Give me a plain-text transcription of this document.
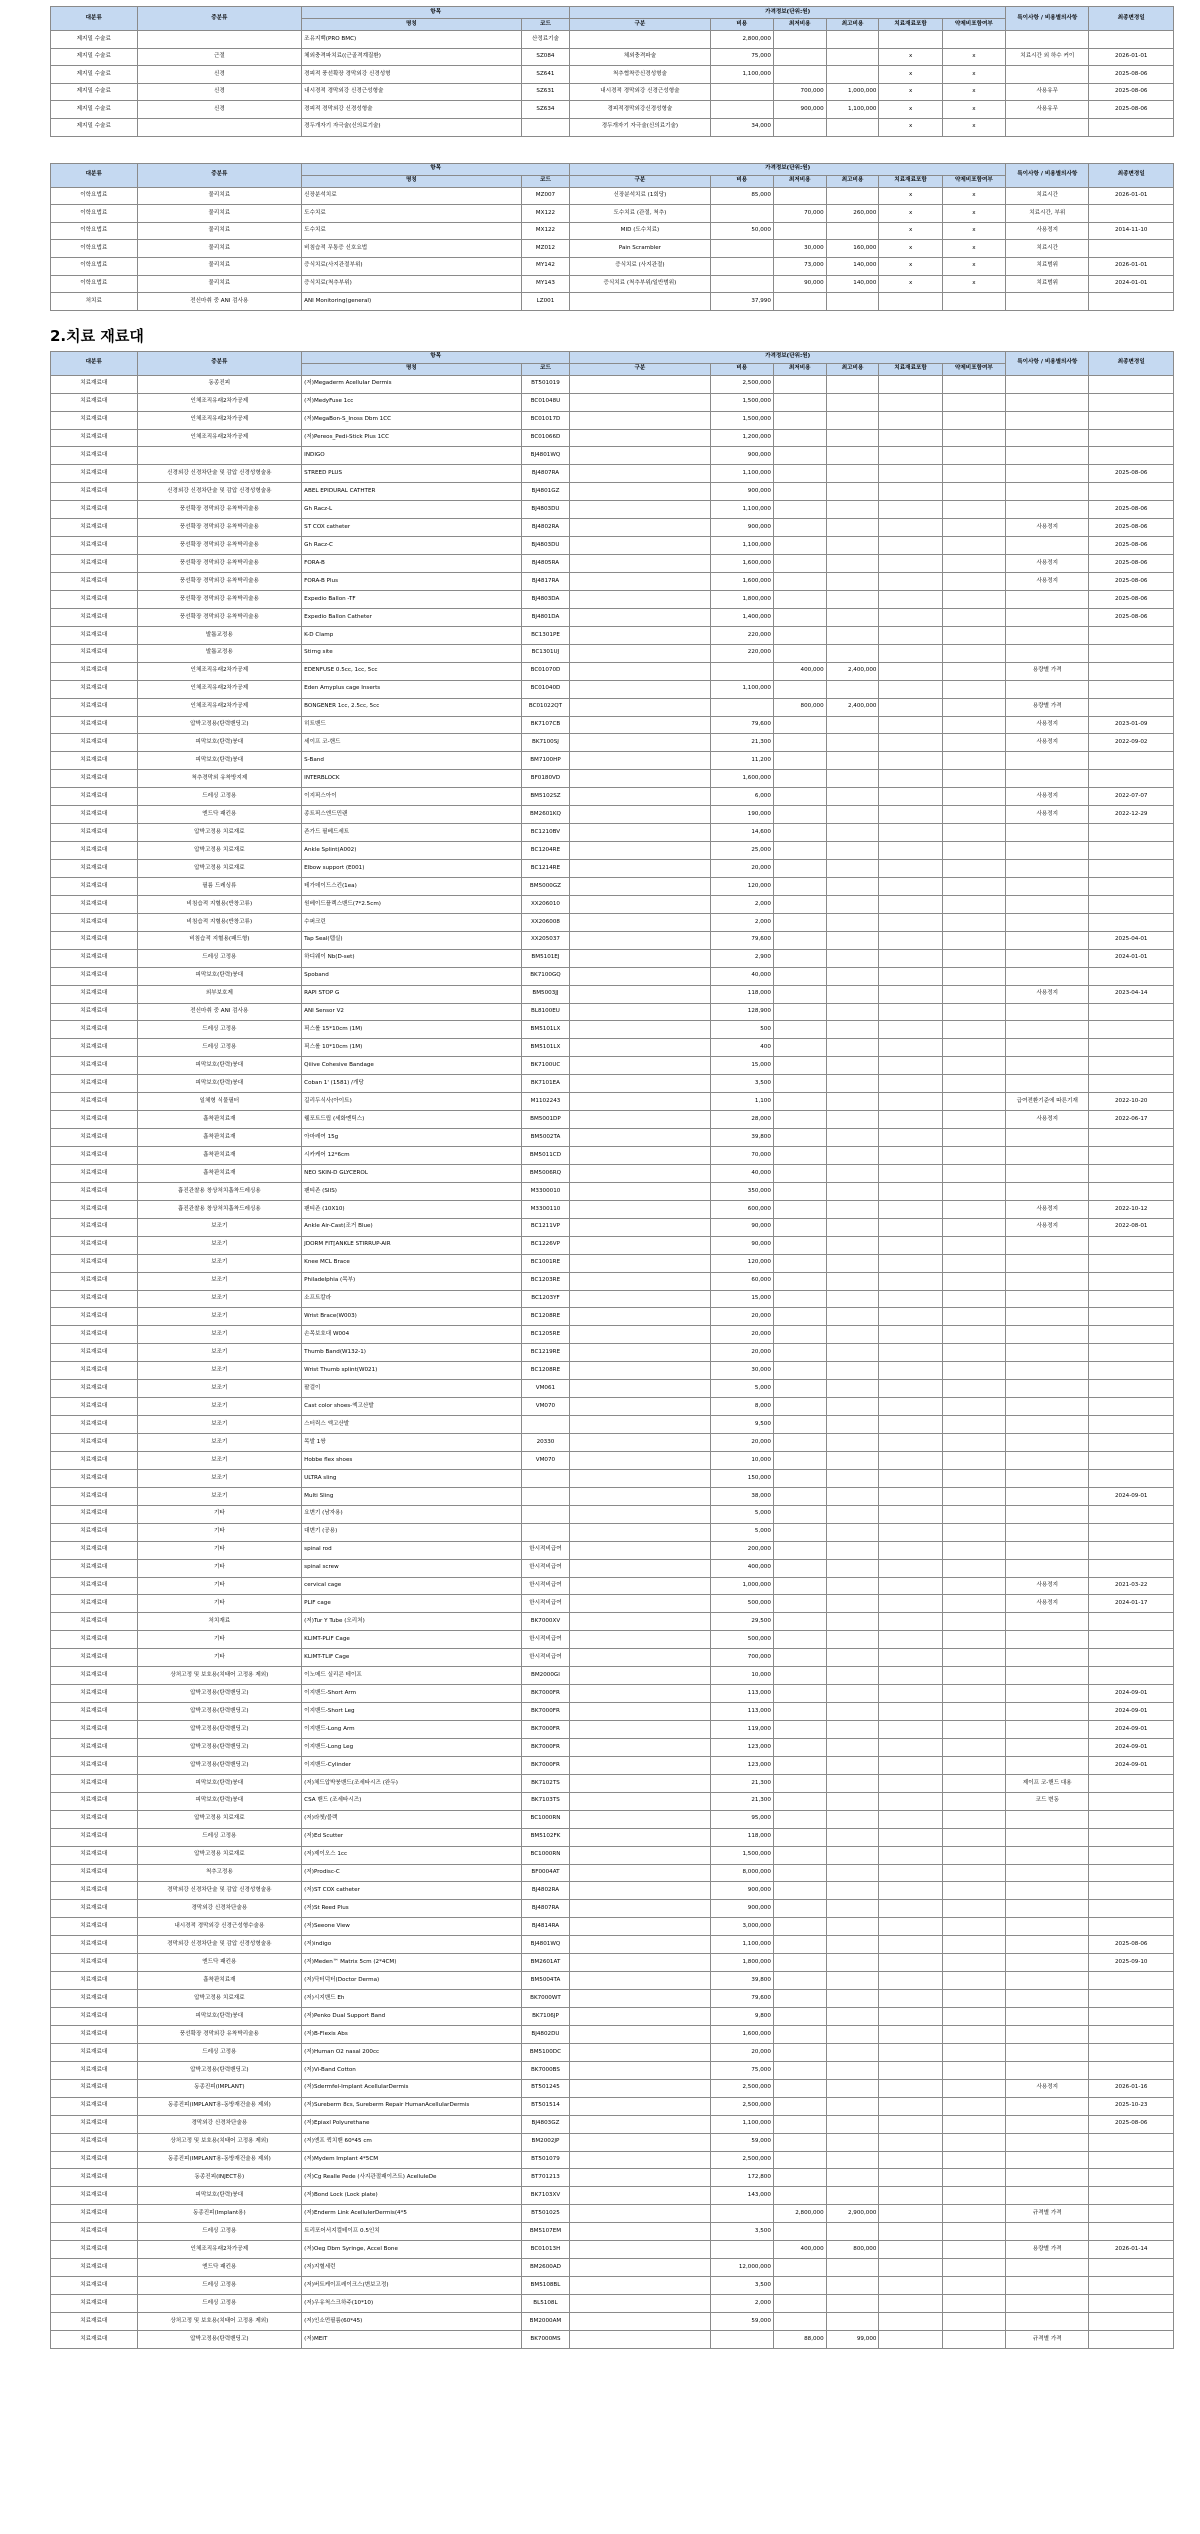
대분류	중분류	항목		가격정보(단위:원)						특이사항 / 비용별의사항	최종변경일
		명칭	코드	구분	비용	최저비용	최고비용	치료재료포함	약제비포함여부		
제지밀 수술료		조유지백(PRO BMC)	산정료기술		2,800,000						
제지밀 수술료	근절	체외충격파치료((근골격계질환)	SZ084	체외충격파술	75,000			x	x	치료시간 외 하수 커이	2026-01-01
제지밀 수술료	신경	경피적 풍선확장 경막외강 신경성형	SZ641	척추협착증신경성형술	1,100,000			x	x		2025-08-06
제지밀 수술료	신경	내시경적 경막외강 신경근성형술	SZ631	내시경적 경막외강 신경근성형술		700,000	1,000,000	x	x	사용유무	2025-08-06
제지밀 수술료	신경	경피적 경막외강 신경성형술	SZ634	경피적경막외강신경성형술		900,000	1,100,000	x	x	사용유무	2025-08-06
제지밀 수술료		경두개자기 자극술(신의료기술)		경두개자기 자극술(신의료기술)	34,000			x	x		
대분류	중분류	항목		가격정보(단위:원)						특이사항 / 비용별의사항	최종변경일
		명칭	코드	구분	비용	최저비용	최고비용	치료재료포함	약제비포함여부		
이학요법료	물리치료	신장분석치료	MZ007	신장분석치료 (1회당)	85,000			x	x	치료시간	2026-01-01
이학요법료	물리치료	도수치료	MX122	도수치료 (관절, 척추)		70,000	260,000	x	x	치료시간, 부위	
이학요법료	물리치료	도수치료	MX122	MID (도수치료)	50,000			x	x	사용정지	2014-11-10
이학요법료	물리치료	비침습적 무통증 신호요법	MZ012	Pain Scrambler		30,000	160,000	x	x	치료시간	
이학요법료	물리치료	증식치료(사지관절부위)	MY142	증식치료 (사지관절)		73,000	140,000	x	x	치료범위	2026-01-01
이학요법료	물리치료	증식치료(척추부위)	MY143	증식치료 (척추부위/일반범위)		90,000	140,000	x	x	치료범위	2024-01-01
처치료	전신마취 중 ANI 검사용	ANI Monitoring(general)	LZ001		37,990						
2.치료 재료대
대분류	중분류	항목		가격정보(단위:원)						특이사항 / 비용별의사항	최종변경일
		명칭	코드	구분	비용	최저비용	최고비용	치료재료포함	약제비포함여부		
치료재료대	동종진피	(저)Megaderm AcelluIar Dermis	BT501019		2,500,000						
치료재료대	인체조직유래2차가공제	(저)MedyFuse 1cc	BC01048U		1,500,000						
치료재료대	인체조직유래2차가공제	(저)MegaBon-S_Inoss Dbm 1CC	BC01017D		1,500,000						
치료재료대	인체조직유래2차가공제	(저)Pereos_Pedi-Stick Plus 1CC	BC01066D		1,200,000						
치료재료대		INDIGO	BJ4801WQ		900,000						
치료재료대	신경외강 신경차단술 및 감압 신경성형술용	STREED PLUS	BJ4807RA		1,100,000						2025-08-06
치료재료대	신경외강 신경차단술 및 감압 신경성형술용	ABEL EPIDURAL CATHTER	BJ4801GZ		900,000						
치료재료대	풍선확장 경막외강 유착박리술용	Gh Racz-L	BJ4803DU		1,100,000						2025-08-06
치료재료대	풍선확장 경막외강 유착박리술용	ST COX catheter	BJ4802RA		900,000					사용정지	2025-08-06
치료재료대	풍선확장 경막외강 유착박리술용	Gh Racz-C	BJ4803DU		1,100,000						2025-08-06
치료재료대	풍선확장 경막외강 유착박리술용	FORA-B	BJ4805RA		1,600,000					사용정지	2025-08-06
치료재료대	풍선확장 경막외강 유착박리술용	FORA-B Plus	BJ4817RA		1,600,000					사용정지	2025-08-06
치료재료대	풍선확장 경막외강 유착박리술용	Expedio Ballon -TF	BJ4803DA		1,800,000						2025-08-06
치료재료대	풍선확장 경막외강 유착박리술용	Expedio Ballon Catheter	BJ4801DA		1,400,000						2025-08-06
치료재료대	발톱교정용	K-D Clamp	BC1301PE		220,000						
치료재료대	발톱교정용	Stirng site	BC1301UJ		220,000						
치료재료대	인체조직유래2차가공제	EDENFUSE 0.5cc, 1cc, 5cc	BC01070D			400,000	2,400,000			용량별 가격	
치료재료대	인체조직유래2차가공제	Eden Amyplus cage Inserts	BC01040D		1,100,000						
치료재료대	인체조직유래2차가공제	BONGENER 1cc, 2.5cc, 5cc	BC01022QT			800,000	2,400,000			용량별 가격	
치료재료대	압박고정용(탄력밴딩고)	히트밴드	BK7107CB		79,600					사용정지	2023-01-09
치료재료대	피막보호(탄력)붕대	세이프 코-핸드	BK7100SJ		21,300					사용정지	2022-09-02
치료재료대	피막보호(탄력)붕대	S-Band	BM7100HP		11,200						
치료재료대	척추경막외 유착방지제	INTERBLOCK	BF0180VD		1,600,000						
치료재료대	드레싱 고정용	이지픽스아이	BM5102SZ		6,000					사용정지	2022-07-07
치료재료대	엔드닥 패킨용	종트픽스엔드민랜	BM2601KQ		190,000					사용정지	2022-12-29
치료재료대	압박고정용 치료재료	존가드 필베드세트	BC1210BV		14,600						
치료재료대	압박고정용 치료재료	Ankle Splint(A002)	BC1204RE		25,000						
치료재료대	압박고정용 치료재료	Elbow support (E001)	BC1214RE		20,000						
치료재료대	필름 드레싱류	테가데이드스킨(1ea)	BM5000GZ		120,000						
치료재료대	비침습적 지혈용(반창고류)	원베이드플렉스밴드(7*2.5cm)	XX206010		2,000						
치료재료대	비침습적 지혈용(반창고류)	수퍼크린	XX206008		2,000						
치료재료대	비침습적 지혈용(패드형)	Tap Seal(탭실)	XX205037		79,600						2025-04-01
치료재료대	드레싱 고정용	하디웨이 Nb(D-set)	BM5101EJ		2,900						2024-01-01
치료재료대	피막보호(탄력)붕대	Spoband	BK7100GQ		40,000						
치료재료대	외부보호제	RAPI STOP G	BM5003JJ		118,000					사용정지	2023-04-14
치료재료대	전신마취 중 ANI 검사용	ANI Sensor V2	BL8100EU		128,900						
치료재료대	드레싱 고정용	픽스롤 15*10cm (1M)	BM5101LX		500						
치료재료대	드레싱 고정용	픽스롤 10*10cm (1M)	BM5101LX		400						
치료재료대	피막보호(탄력)붕대	Qiiive Cohesive Bandage	BK7100UC		15,000						
치료재료대	피막보호(탄력)붕대	Coban 1' (1581) /개당	BK7101EA		3,500						
치료재료대	일체형 식물필터	길리두식사(아이트)	M1102243		1,100					급여전환기준에 따른기재	2022-10-20
치료재료대	흡착판치료재	웰포트드립 (세화멘틱스)	BM5001DP		28,000					사용정지	2022-06-17
치료재료대	흡착판치료재	아마레여 15g	BM5002TA		39,800						
치료재료대	흡착판치료재	시카케어 12*6cm	BM5011CD		70,000						
치료재료대	흡착판치료재	NEO SKIN-D GLYCEROL	BM5006RQ		40,000						
치료재료대	흡진관찰용 창상처치흡착드레싱용	팬티존 (SIIS)	M3300010		350,000						
치료재료대	흡진관찰용 창상처치흡착드레싱용	팬티존 (10X10)	M3300110		600,000					사용정지	2022-10-12
치료재료대	보조기	Ankle Air-Cast(조거 Blue)	BC1211VP		90,000					사용정지	2022-08-01
치료재료대	보조기	JDORM FIT[ANKLE STIRRUP-AIR	BC1226VP		90,000						
치료재료대	보조기	Knee MCL Brace	BC1001RE		120,000						
치료재료대	보조기	Philadelphia (목부)	BC1203RE		60,000						
치료재료대	보조기	소프트칼라	BC1203YF		15,000						
치료재료대	보조기	Wrist Brace(W003)	BC1208RE		20,000						
치료재료대	보조기	손목보호대 W004	BC1205RE		20,000						
치료재료대	보조기	Thumb Band(W132-1)	BC1219RE		20,000						
치료재료대	보조기	Wrist Thumb splint(W021)	BC1208RE		30,000						
치료재료대	보조기	팔걸이	VM061		5,000						
치료재료대	보조기	Cast color shoes-엑고산발	VM070		8,000						
치료재료대	보조기	스터릭스 엑고산발			9,500						
치료재료대	보조기	목발 1쌍	20330		20,000						
치료재료대	보조기	Hobbe flex shoes	VM070		10,000						
치료재료대	보조기	ULTRA sling			150,000						
치료재료대	보조기	Multi Sling			38,000						2024-09-01
치료재료대	기타	요변기 (남자용)			5,000						
치료재료대	기타	대변기 (공용)			5,000						
치료재료대	기타	spinal rod	한시적비급여		200,000						
치료재료대	기타	spinal screw	한시적비급여		400,000						
치료재료대	기타	cervical cage	한시적비급여		1,000,000					사용정지	2021-03-22
치료재료대	기타	PLIF cage	한시적비급여		500,000					사용정지	2024-01-17
치료재료대	처치재료	(저)Tur Y Tube (오리처)	BK7000XV		29,500						
치료재료대	기타	KLIMT-PLIF Cage	한시적비급여		500,000						
치료재료대	기타	KLIMT-TLIF Cage	한시적비급여		700,000						
치료재료대	상처고정 및 보호용(치태어 고정용 제외)	이노메드 실리콘 테이프	BM2000GI		10,000						
치료재료대	압박고정용(탄력밴딩고)	이지밴드-Short Arm	BK7000FR		113,000						2024-09-01
치료재료대	압박고정용(탄력밴딩고)	이지밴드-Short Leg	BK7000FR		113,000						2024-09-01
치료재료대	압박고정용(탄력밴딩고)	이지밴드-Long Arm	BK7000FR		119,000						2024-09-01
치료재료대	압박고정용(탄력밴딩고)	이지밴드-Long Leg	BK7000FR		123,000						2024-09-01
치료재료대	압박고정용(탄력밴딩고)	이지밴드-Cylinder	BK7000FR		123,000						2024-09-01
치료재료대	피막보호(탄력)붕대	(저)체드압박붕밴드(조세타시즈 (완두)	BK7102TS		21,300					제이프 코-핸드 대용	
치료재료대	피막보호(탄력)붕대	CSA 밴드 (조세타시즈)	BK7103TS		21,300					코드 변동	
치료재료대	압박고정용 치료재료	(저)라쳇/블랙	BC1000RN		95,000						
치료재료대	드레싱 고정용	(저)Ed Scutter	BM5102FK		118,000						
치료재료대	압박고정용 치료재료	(저)제이오스 1cc	BC1000RN		1,500,000						
치료재료대	척추고정용	(저)Prodisc-C	BF0004AT		8,000,000						
치료재료대	경막외강 신경차단술 및 감압 신경성형술용	(저)ST COX catheter	BJ4802RA		900,000						
치료재료대	경막외강 신경차단술용	(저)St Reed Plus	BJ4807RA		900,000						
치료재료대	내시경적 경막외강 신경근성형수술용	(저)Seeone View	BJ4814RA		3,000,000						
치료재료대	경막외강 신경차단술 및 감압 신경성형술용	(저)indigo	BJ4801WQ		1,100,000						2025-08-06
치료재료대	엔드닥 패킨용	(저)Meden™ Matrix 5cm (2*4CM)	BM2601AT		1,800,000						2025-09-10
치료재료대	흡착판치료재	(저)닥터덕터(Doctor Derma)	BM5004TA		39,800						
치료재료대	압박고정용 치료재료	(저)시지밴드 Eh	BK7000WT		79,600						
치료재료대	피막보호(탄력)붕대	(저)Penko Dual Support Band	BK7106JP		9,800						
치료재료대	풍선확장 경막외강 유착박리술용	(저)B-Flexis Abs	BJ4802DU		1,600,000						
치료재료대	드레싱 고정용	(저)Human O2 nasal 200cc	BM5100DC		20,000						
치료재료대	압박고정용(탄력밴딩고)	(저)Vi-Band Cotton	BK7000BS		75,000						
치료재료대	동종진피(IMPLANT)	(저)Sdermfel-Implant AcelluIarDermis	BT501245		2,500,000					사용정지	2026-01-16
치료재료대	동종진피(IMPLANT용-동방재건술용 제외)	(저)Sureberm 8cs, Sureberm Repair HumanAcelluIarDermis	BT501514		2,500,000						2025-10-23
치료재료대	경막외강 신경차단술용	(저)Epiaxl Polyurethane	BJ4803GZ		1,100,000						2025-08-06
치료재료대	상처고정 및 보호용(치태어 고정용 제외)	(저)엔프 퀵치밴 60*45 cm	BM2002JP		59,000						
치료재료대	동종진피(IMPLANT용-동방재건술용 제외)	(저)Mydem Implant 4*5CM	BT501079		2,500,000						
치료재료대	동종진피(INJECT용)	(저)Cg Realle Pede (사지관절패이즈트) AcelluIeDe	BT701213		172,800						
치료재료대	피막보호(탄력)붕대	(저)Bond Lock (Lock plate)	BK7103XV		143,000						
치료재료대	동종진피(Implant용)	(저)Enderm Link AcelluIerDermis(4*5	BT501025			2,800,000	2,900,000			규격별 가격	
치료재료대	드레싱 고정용	트리포어서지컬테이프 0.5인치	BM5107EM		3,500						
치료재료대	인체조직유래2차가공제	(저)Oeg Dbm Syringe, Accel Bone	BC01013H			400,000	800,000			용량별 가격	2026-01-14
치료재료대	엔드닥 패킨용	(저)지혈세런	BM2600AD		12,000,000						
치료재료대	드레싱 고정용	(저)버트케이프레이크스(변보고정)	BM5108BL		3,500						
치료재료대	드레싱 고정용	(저)우유척스크하주(10*10)	BL5108L		2,000						
치료재료대	상처고정 및 보호용(치태어 고정용 제외)	(저)인소먼필름(60*45)	BM2000AM		59,000						
치료재료대	압박고정용(탄력밴딩고)	(저)MEIT	BK7000MS			88,000	99,000			규격별 가격	
